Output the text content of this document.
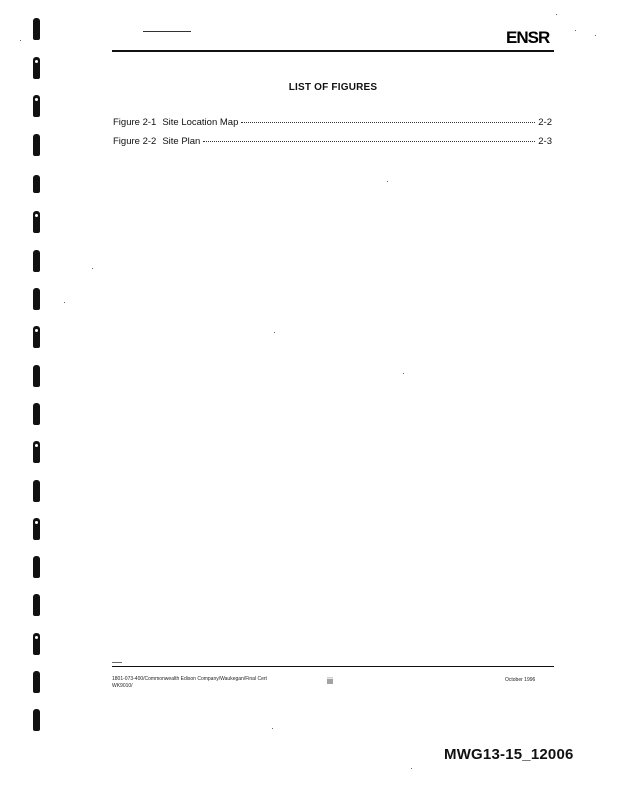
ENSR
LIST OF FIGURES
Figure 2-1 Site Location Map	2-2
Figure 2-2 Site Plan	2-3
1801-073-400/Commonwealth Edison Company/Waukegan/Final Cert
WK9010/	iii	October 1996
MWG13-15_12006
